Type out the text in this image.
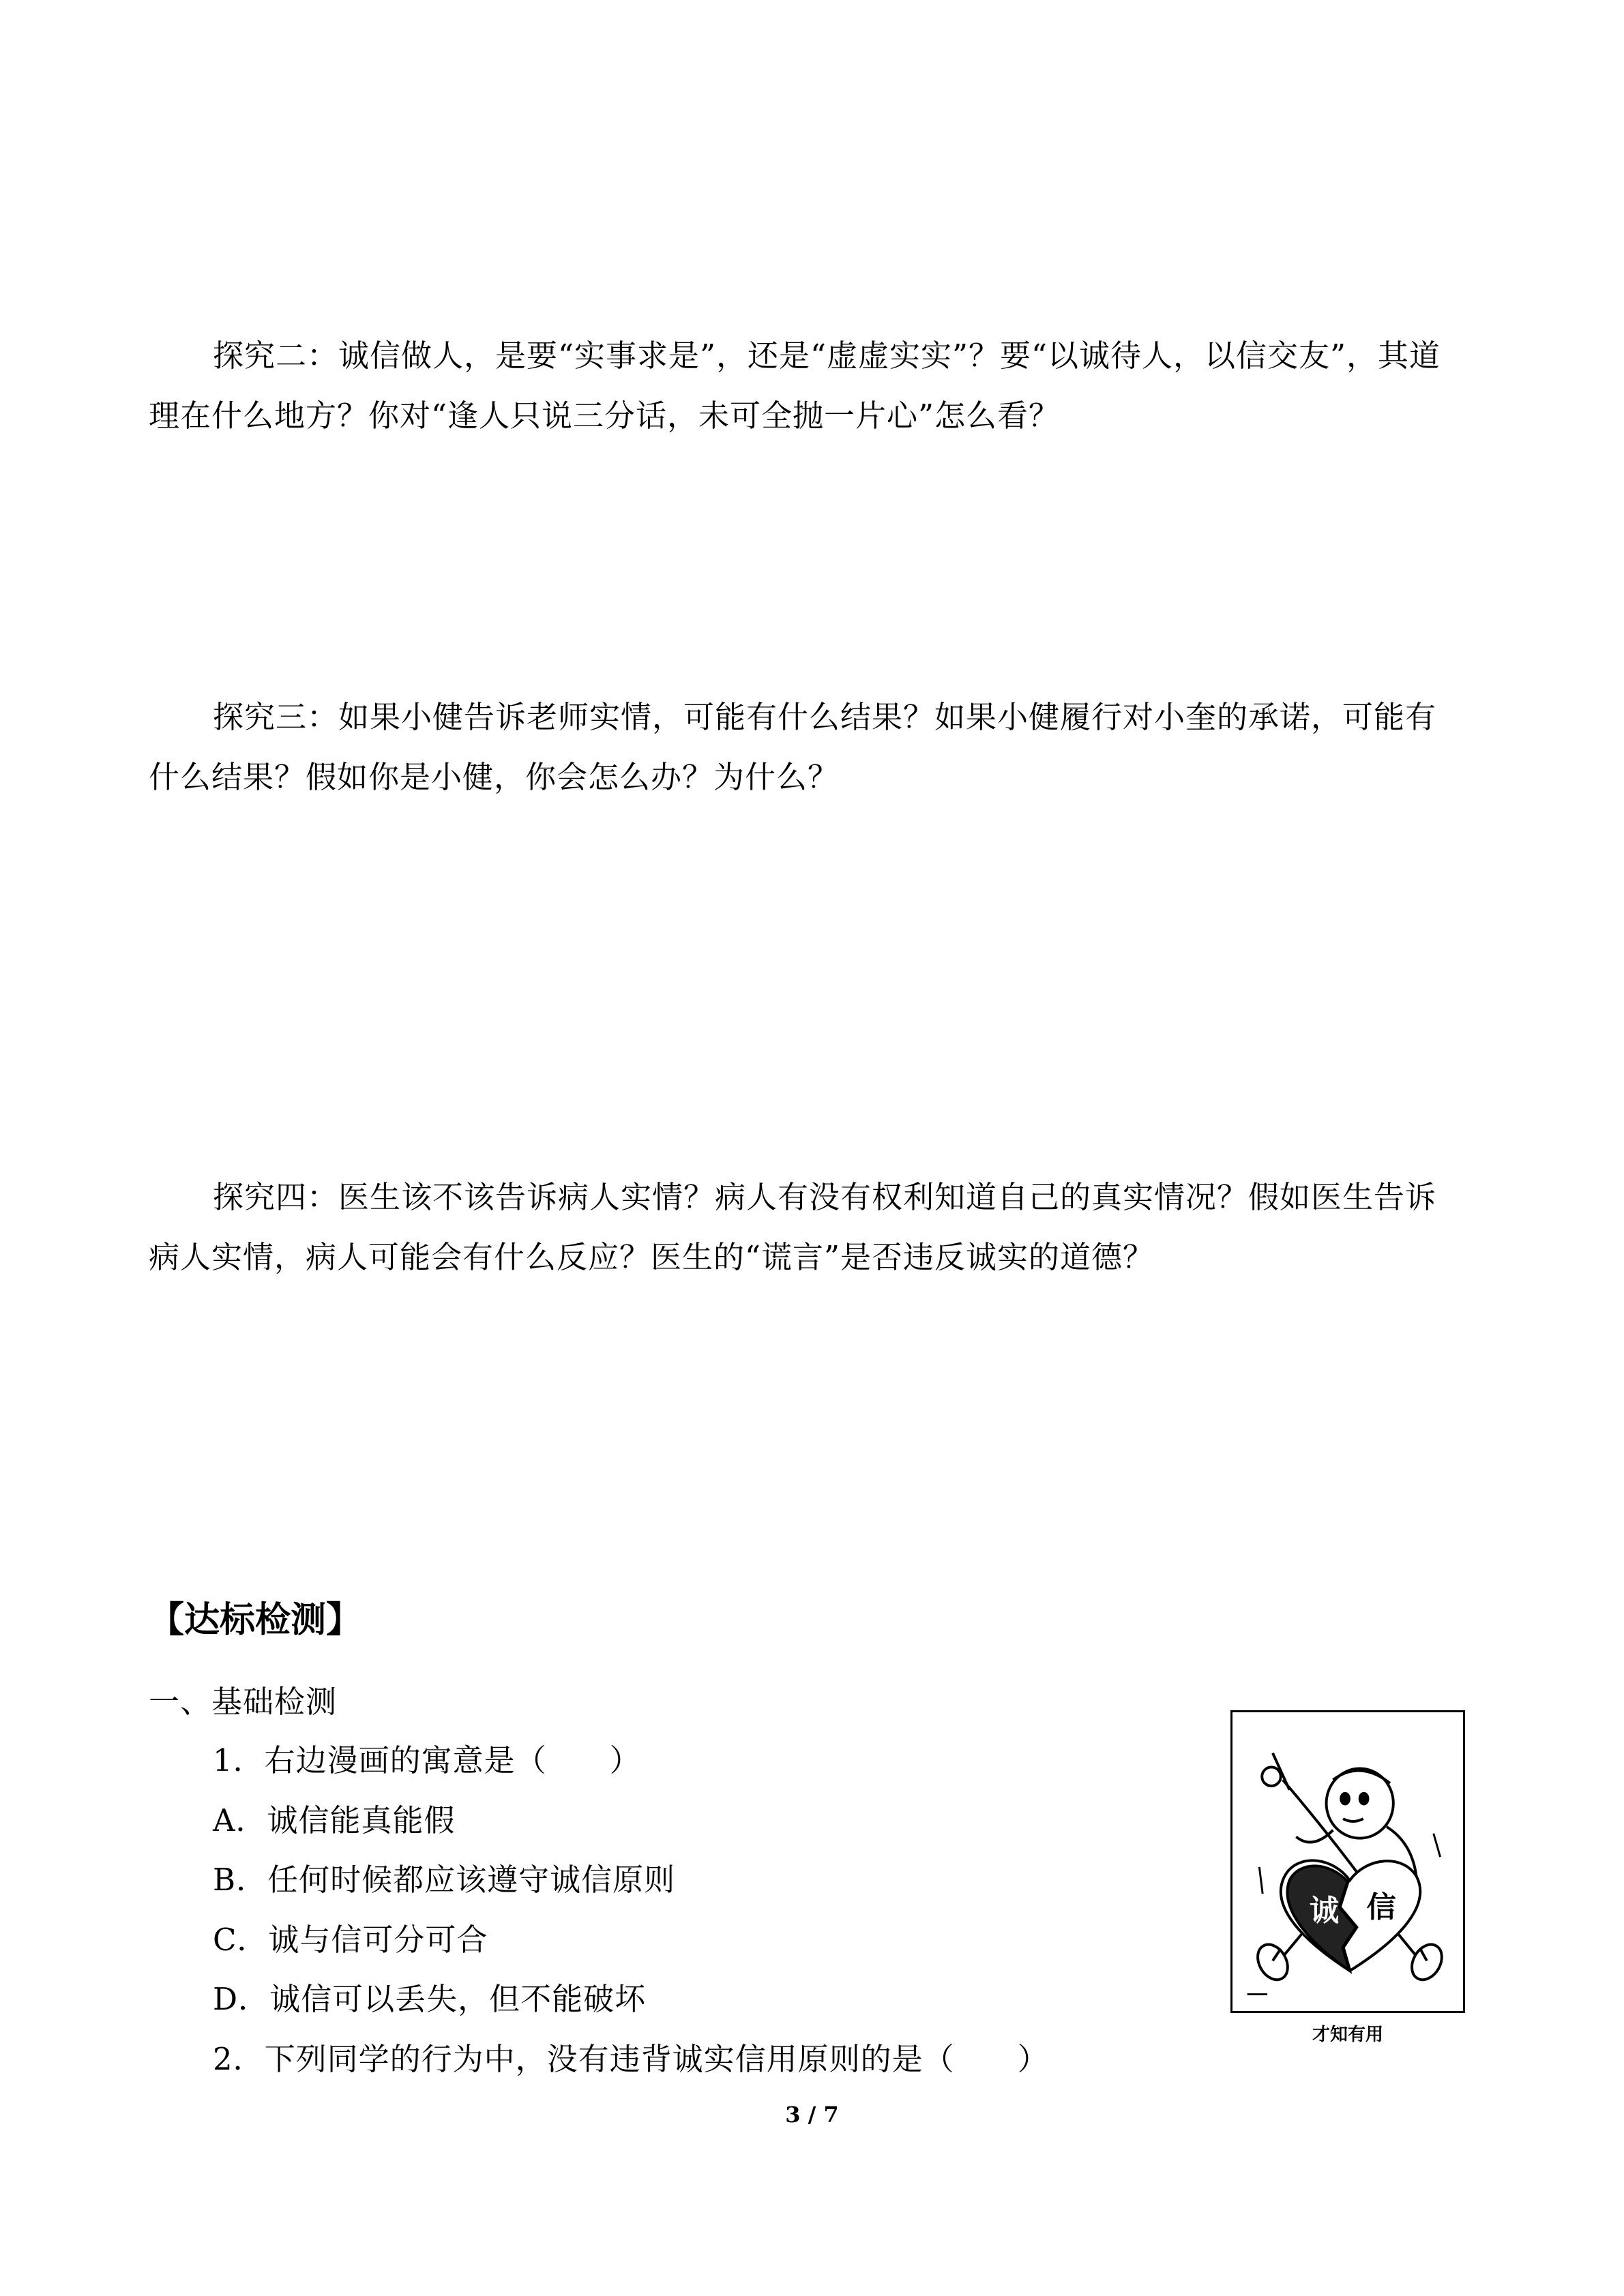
探究二：诚信做人，是要“实事求是”，还是“虚虚实实”？要“以诚待人，以信交友”，其道理在什么地方？你对“逢人只说三分话，未可全抛一片心”怎么看？
探究三：如果小健告诉老师实情，可能有什么结果？如果小健履行对小奎的承诺，可能有什么结果？假如你是小健，你会怎么办？为什么？
探究四：医生该不该告诉病人实情？病人有没有权利知道自己的真实情况？假如医生告诉病人实情，病人可能会有什么反应？医生的“谎言”是否违反诚实的道德？
【达标检测】
一、基础检测
1．右边漫画的寓意是（　　）
A．诚信能真能假
B．任何时候都应该遵守诚信原则
C．诚与信可分可合
D．诚信可以丢失，但不能破坏
2．下列同学的行为中，没有违背诚实信用原则的是（　　）
诚 信
才知有用
3 / 7
